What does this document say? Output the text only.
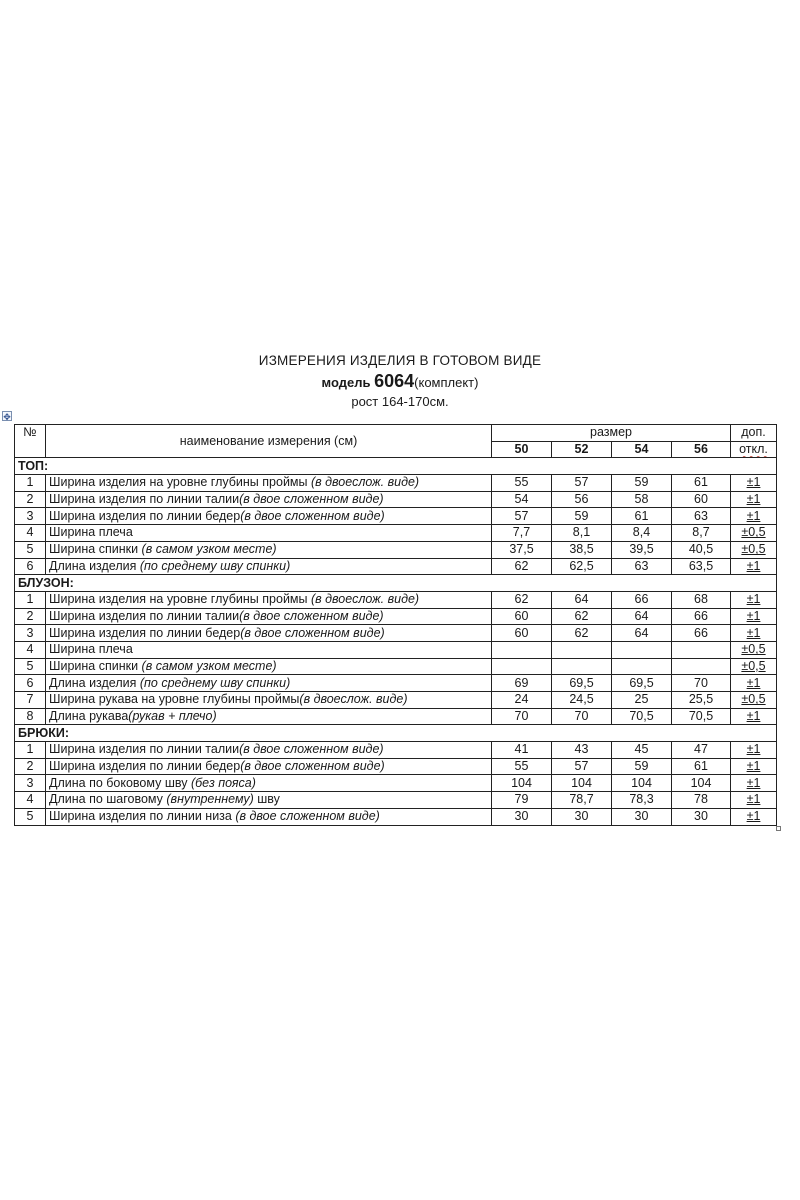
ИЗМЕРЕНИЯ ИЗДЕЛИЯ В ГОТОВОМ ВИДЕ
модель 6064(комплект)
рост 164-170см.
✥
№	наименование измерения (см)	размер				доп.
		50	52	54	56	откл.
ТОП:						
1	Ширина изделия на уровне глубины проймы (в двоеслож. виде)	55	57	59	61	±1
2	Ширина изделия по линии талии(в двое сложенном виде)	54	56	58	60	±1
3	Ширина изделия по линии бедер(в двое сложенном виде)	57	59	61	63	±1
4	Ширина плеча	7,7	8,1	8,4	8,7	±0,5
5	Ширина спинки (в самом узком месте)	37,5	38,5	39,5	40,5	±0,5
6	Длина изделия (по среднему шву спинки)	62	62,5	63	63,5	±1
БЛУЗОН:						
1	Ширина изделия на уровне глубины проймы (в двоеслож. виде)	62	64	66	68	±1
2	Ширина изделия по линии талии(в двое сложенном виде)	60	62	64	66	±1
3	Ширина изделия по линии бедер(в двое сложенном виде)	60	62	64	66	±1
4	Ширина плеча					±0,5
5	Ширина спинки (в самом узком месте)					±0,5
6	Длина изделия (по среднему шву спинки)	69	69,5	69,5	70	±1
7	Ширина рукава на уровне глубины проймы(в двоеслож. виде)	24	24,5	25	25,5	±0,5
8	Длина рукава(рукав + плечо)	70	70	70,5	70,5	±1
БРЮКИ:						
1	Ширина изделия по линии талии(в двое сложенном виде)	41	43	45	47	±1
2	Ширина изделия по линии бедер(в двое сложенном виде)	55	57	59	61	±1
3	Длина по боковому шву (без пояса)	104	104	104	104	±1
4	Длина по шаговому (внутреннему) шву	79	78,7	78,3	78	±1
5	Ширина изделия по линии низа (в двое сложенном виде)	30	30	30	30	±1
